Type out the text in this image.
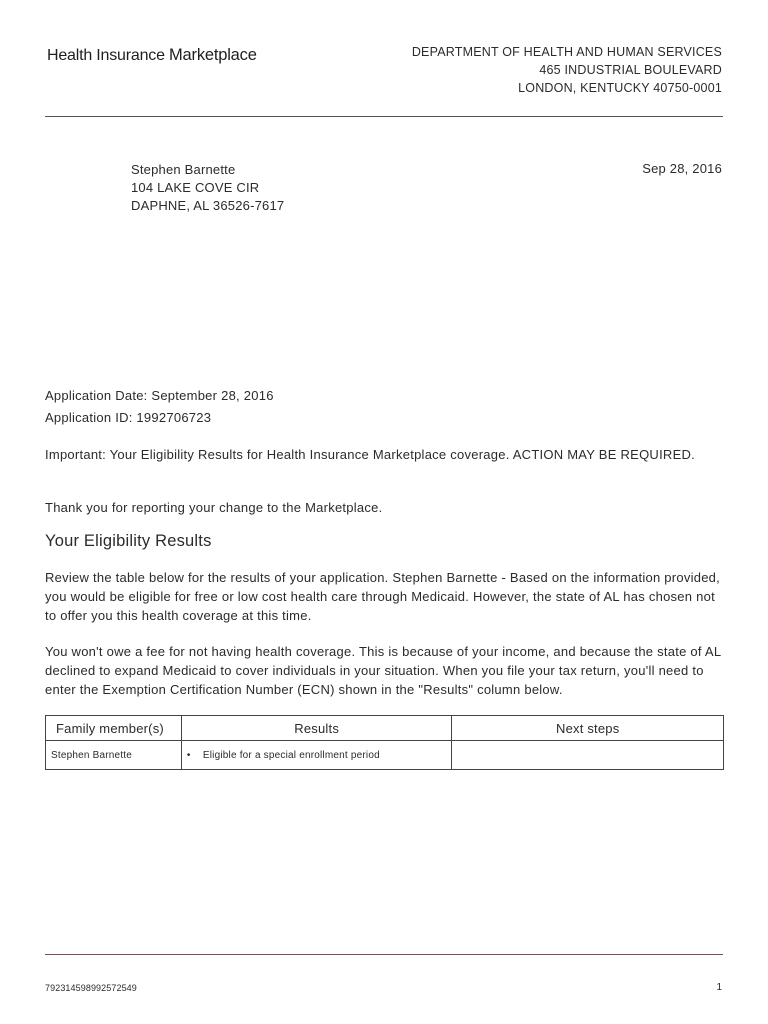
Health Insurance Marketplace	DEPARTMENT OF HEALTH AND HUMAN SERVICES
465 INDUSTRIAL BOULEVARD
LONDON, KENTUCKY 40750-0001
Stephen Barnette
104 LAKE COVE CIR
DAPHNE, AL 36526-7617
Sep 28, 2016
Application Date: September 28, 2016
Application ID: 1992706723
Important: Your Eligibility Results for Health Insurance Marketplace coverage. ACTION MAY BE REQUIRED.
Thank you for reporting your change to the Marketplace.
Your Eligibility Results
Review the table below for the results of your application. Stephen Barnette - Based on the information provided, you would be eligible for free or low cost health care through Medicaid. However, the state of AL has chosen not to offer you this health coverage at this time.
You won't owe a fee for not having health coverage. This is because of your income, and because the state of AL declined to expand Medicaid to cover individuals in your situation. When you file your tax return, you'll need to enter the Exemption Certification Number (ECN) shown in the "Results" column below.
Family member(s)	Results	Next steps
Stephen Barnette	• Eligible for a special enrollment period	
792314598992572549	1
